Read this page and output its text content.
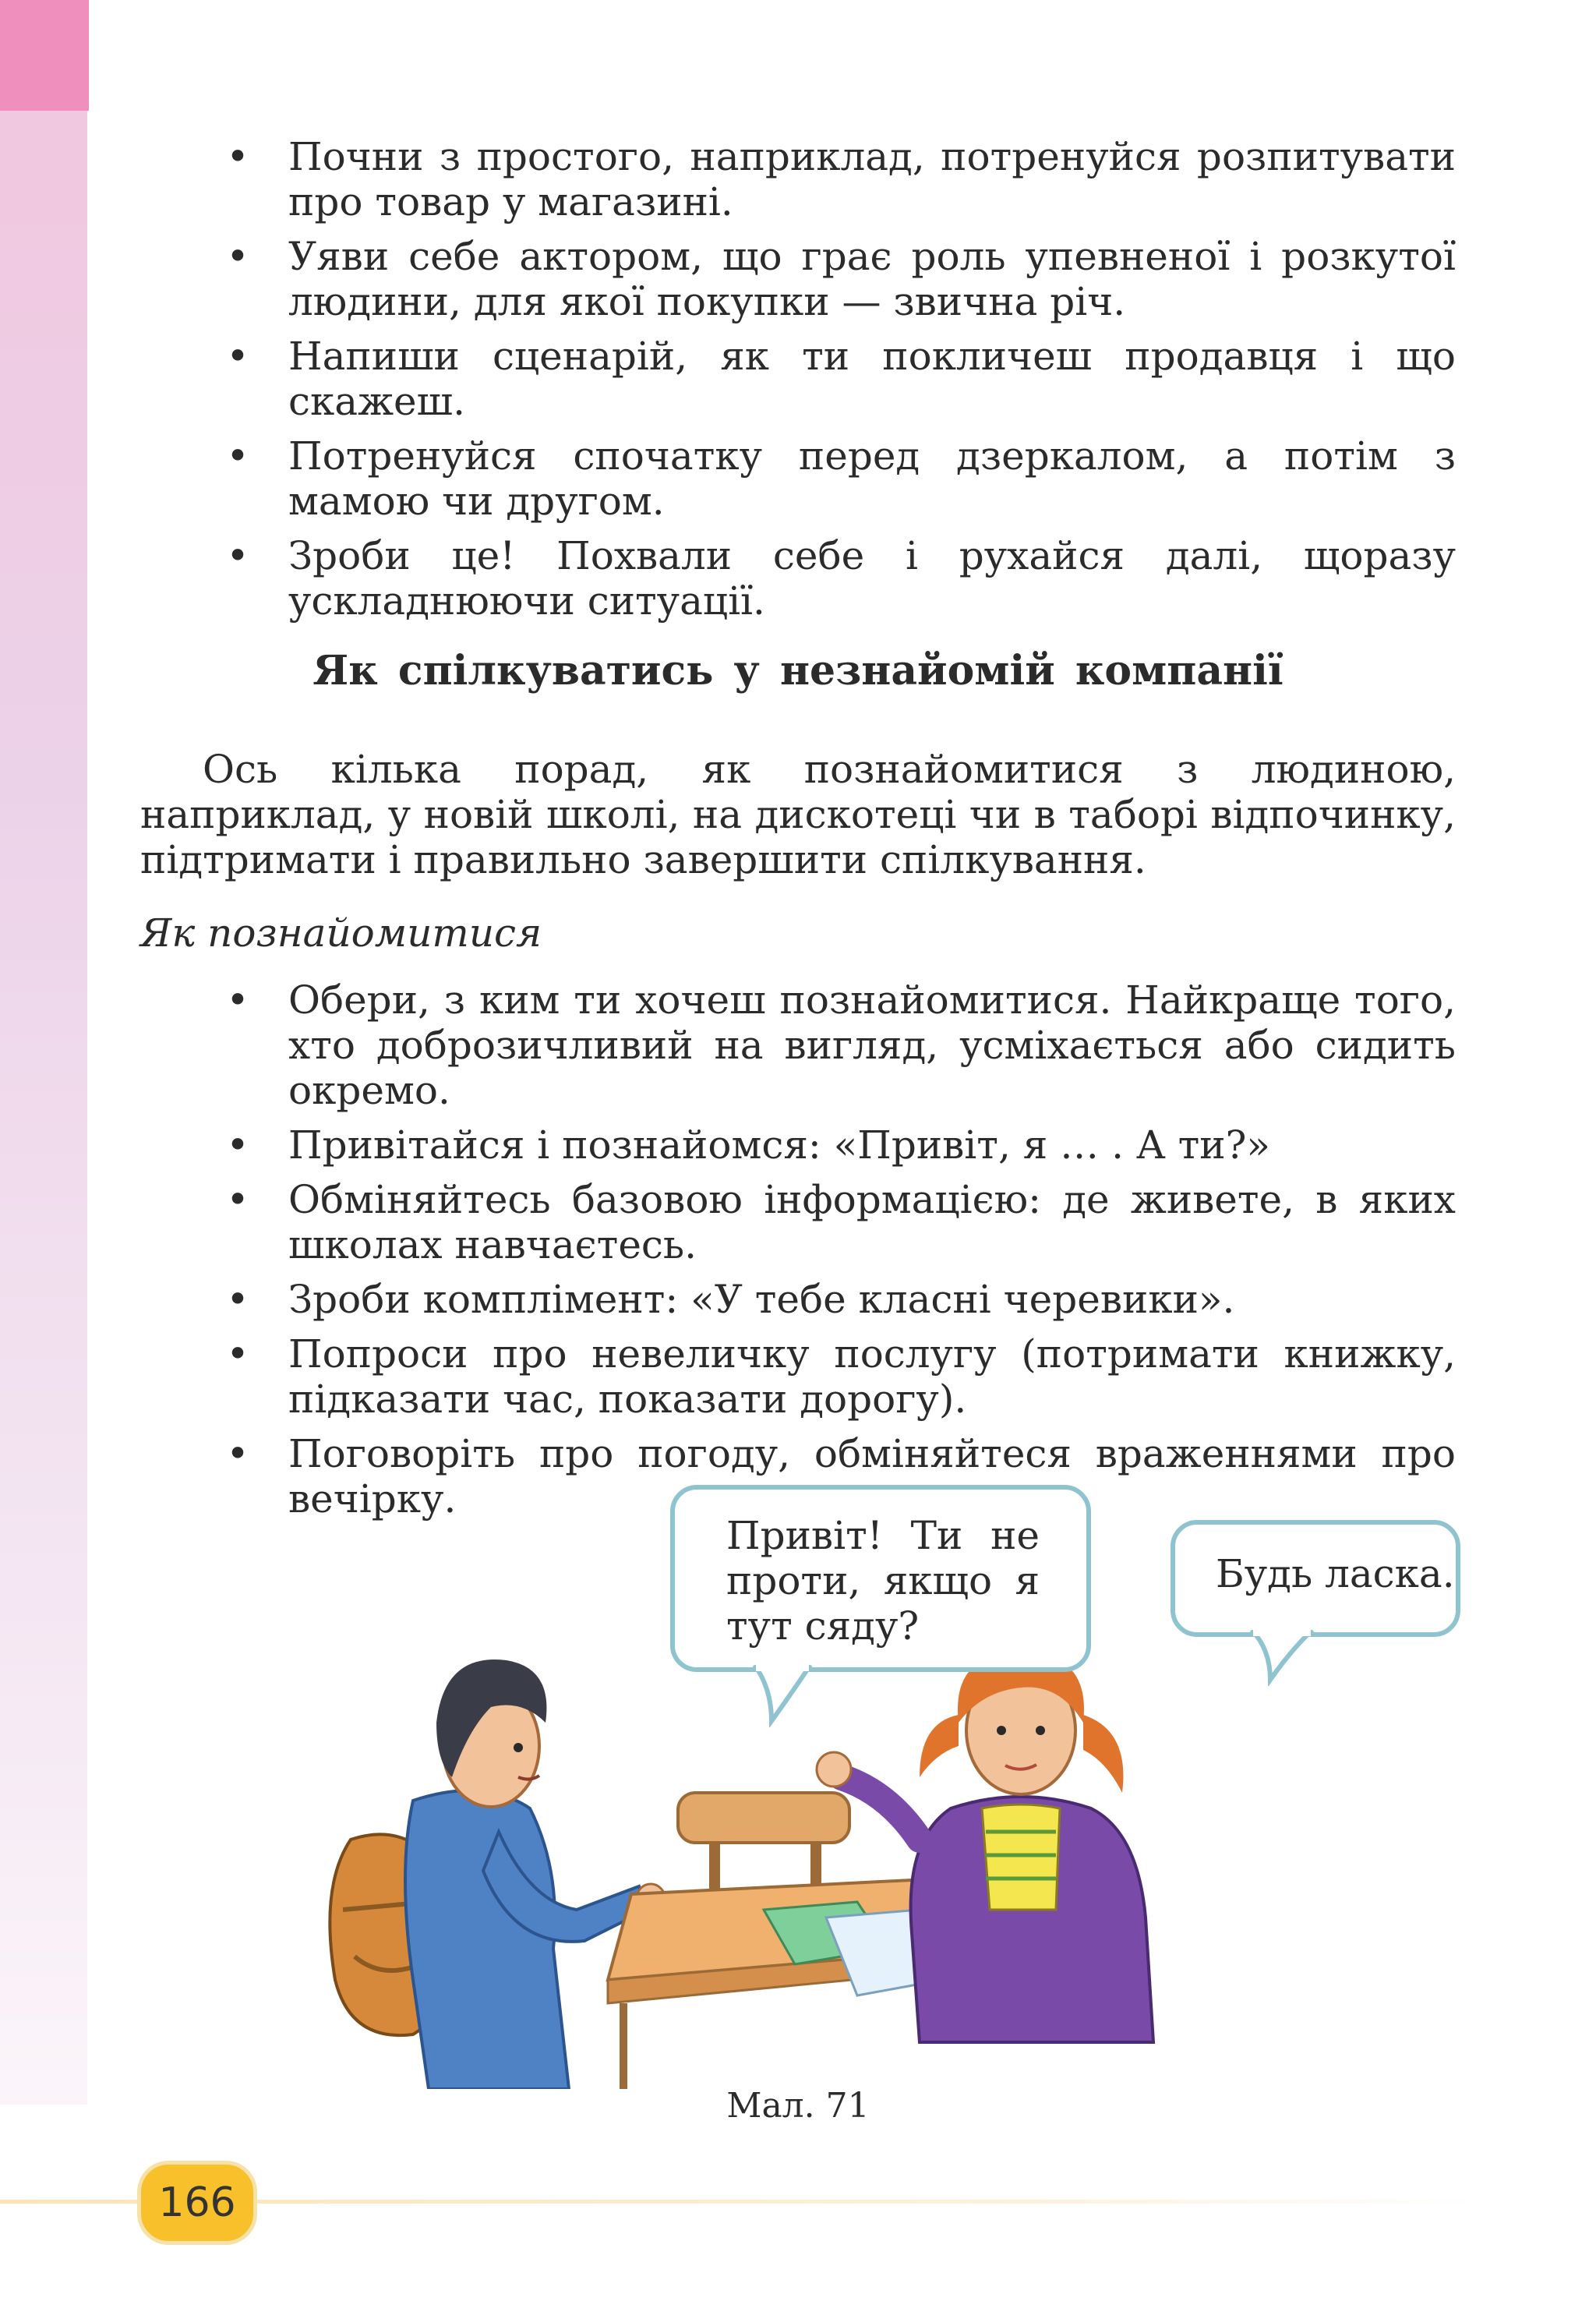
• Почни з простого, наприклад, потренуйся розпитувати про товар у магазині.
• Уяви себе актором, що грає роль упевненої і розкутої людини, для якої покупки — звична річ.
• Напиши сценарій, як ти покличеш продавця і що скажеш.
• Потренуйся спочатку перед дзеркалом, а потім з мамою чи другом.
• Зроби це! Похвали себе і рухайся далі, щоразу ускладнюючи ситуації.
Як спілкуватись у незнайомій компанії

Ось кілька порад, як познайомитися з людиною, наприклад, у новій школі, на дискотеці чи в таборі відпочинку, підтримати і правильно завершити спілкування.

Як познайомитися
• Обери, з ким ти хочеш познайомитися. Найкраще того, хто доброзичливий на вигляд, усміхається або сидить окремо.
• Привітайся і познайомся: «Привіт, я … . А ти?»
• Обміняйтесь базовою інформацією: де живете, в яких школах навчаєтесь.
• Зроби комплімент: «У тебе класні черевики».
• Попроси про невеличку послугу (потримати книжку, підказати час, показати дорогу).
• Поговоріть про погоду, обміняйтеся враженнями про вечірку.
Привіт! Ти не проти, якщо я тут сяду?
Будь ласка.
Мал. 71
166
